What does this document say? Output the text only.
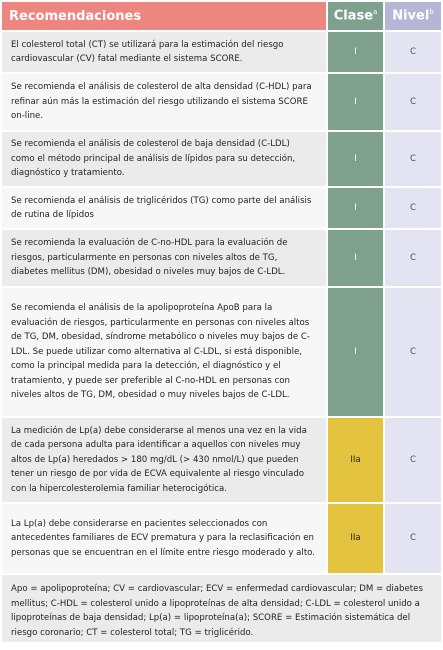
Recomendaciones	Clase$^a$	Nivel$^b$
El colesterol total (CT) se utilizará para la estimación del riesgo cardiovascular (CV) fatal mediante el sistema SCORE.	I	C
Se recomienda el análisis de colesterol de alta densidad (C-HDL) para refinar aún más la estimación del riesgo utilizando el sistema SCORE on-line.	I	C
Se recomienda el análisis de colesterol de baja densidad (C-LDL) como el método principal de análisis de lípidos para su detección, diagnóstico y tratamiento.	I	C
Se recomienda el análisis de triglicéridos (TG) como parte del análisis de rutina de lípidos	I	C
Se recomienda la evaluación de C-no-HDL para la evaluación de riesgos, particularmente en personas con niveles altos de TG, diabetes mellitus (DM), obesidad o niveles muy bajos de C-LDL.	I	C
Se recomienda el análisis de la apolipoproteína ApoB para la evaluación de riesgos, particularmente en personas con niveles altos de TG, DM, obesidad, síndrome metabólico o niveles muy bajos de C-LDL. Se puede utilizar como alternativa al C-LDL, si está disponible, como la principal medida para la detección, el diagnóstico y el tratamiento, y puede ser preferible al C-no-HDL en personas con niveles altos de TG, DM, obesidad o muy niveles bajos de C-LDL.	I	C
La medición de Lp(a) debe considerarse al menos una vez en la vida de cada persona adulta para identificar a aquellos con niveles muy altos de Lp(a) heredados > 180 mg/dL (> 430 nmol/L) que pueden tener un riesgo de por vida de ECVA equivalente al riesgo vinculado con la hipercolesterolemia familiar heterocigótica.	IIa	C
La Lp(a) debe considerarse en pacientes seleccionados con antecedentes familiares de ECV prematura y para la reclasificación en personas que se encuentran en el límite entre riesgo moderado y alto.	IIa	C
Apo = apolipoproteína; CV = cardiovascular; ECV = enfermedad cardiovascular; DM = diabetes mellitus; C-HDL = colesterol unido a lipoproteínas de alta densidad; C-LDL = colesterol unido a lipoproteínas de baja densidad; Lp(a) = lipoproteína(a); SCORE = Estimación sistemática del riesgo coronario; CT = colesterol total; TG = triglicérido.
